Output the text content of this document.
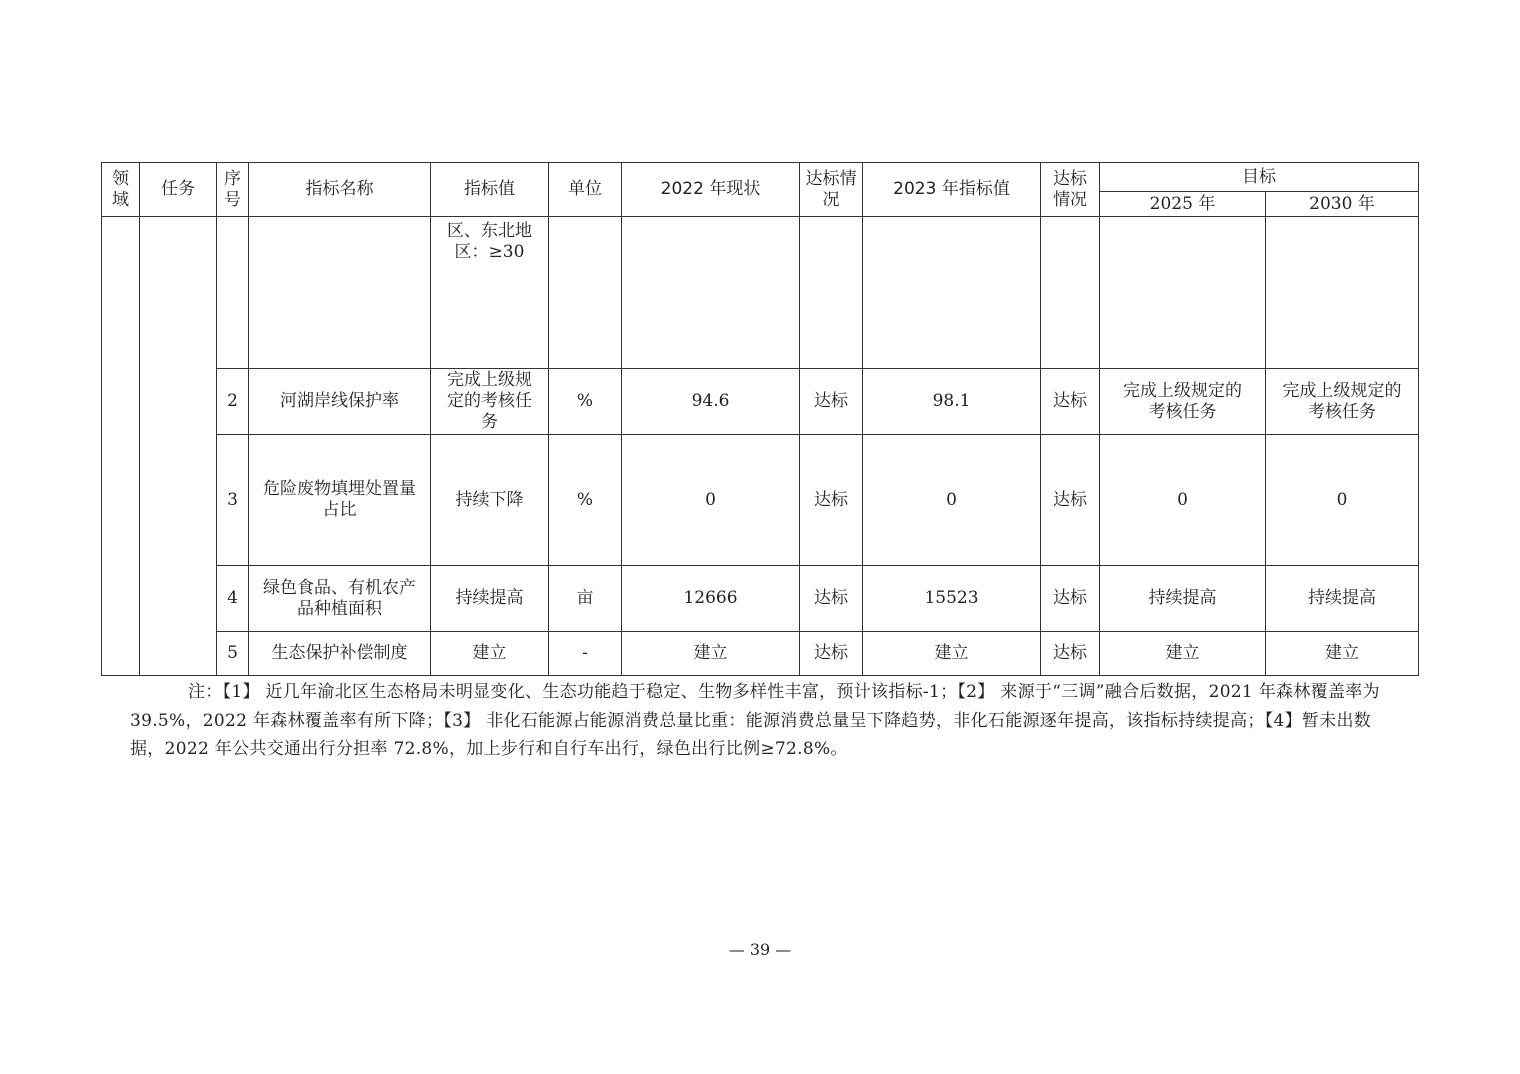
领域	任务	序号	指标名称	指标值	单位	2022 年现状	达标情况	2023 年指标值	达标情况	目标	
										2025 年	2030 年
				区、东北地区：≥30							
		2	河湖岸线保护率	完成上级规定的考核任务	%	94.6	达标	98.1	达标	完成上级规定的考核任务	完成上级规定的考核任务
		3	危险废物填埋处置量占比	持续下降	%	0	达标	0	达标	0	0
		4	绿色食品、有机农产品种植面积	持续提高	亩	12666	达标	15523	达标	持续提高	持续提高
		5	生态保护补偿制度	建立	-	建立	达标	建立	达标	建立	建立
注：【1】 近几年渝北区生态格局未明显变化、生态功能趋于稳定、生物多样性丰富，预计该指标-1；【2】 来源于“三调”融合后数据，2021 年森林覆盖率为 39.5%，2022 年森林覆盖率有所下降；【3】 非化石能源占能源消费总量比重：能源消费总量呈下降趋势，非化石能源逐年提高，该指标持续提高；【4】暂未出数据，2022 年公共交通出行分担率 72.8%，加上步行和自行车出行，绿色出行比例≥72.8%。
— 39 —
